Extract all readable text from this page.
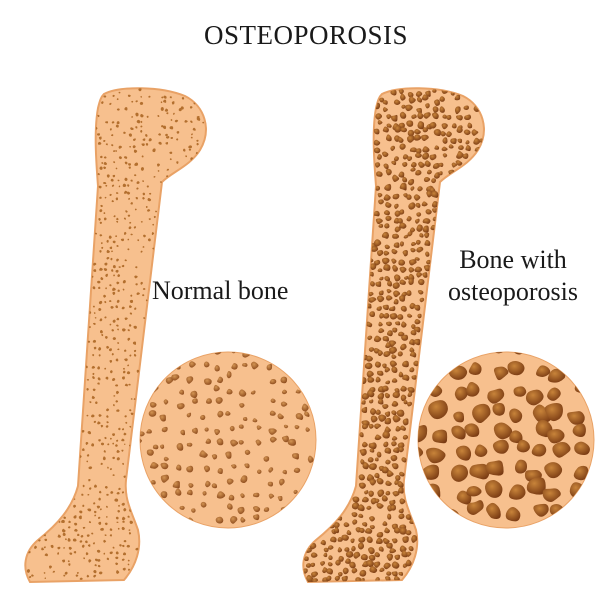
OSTEOPOROSIS
Normal bone
Bone with
osteoporosis
